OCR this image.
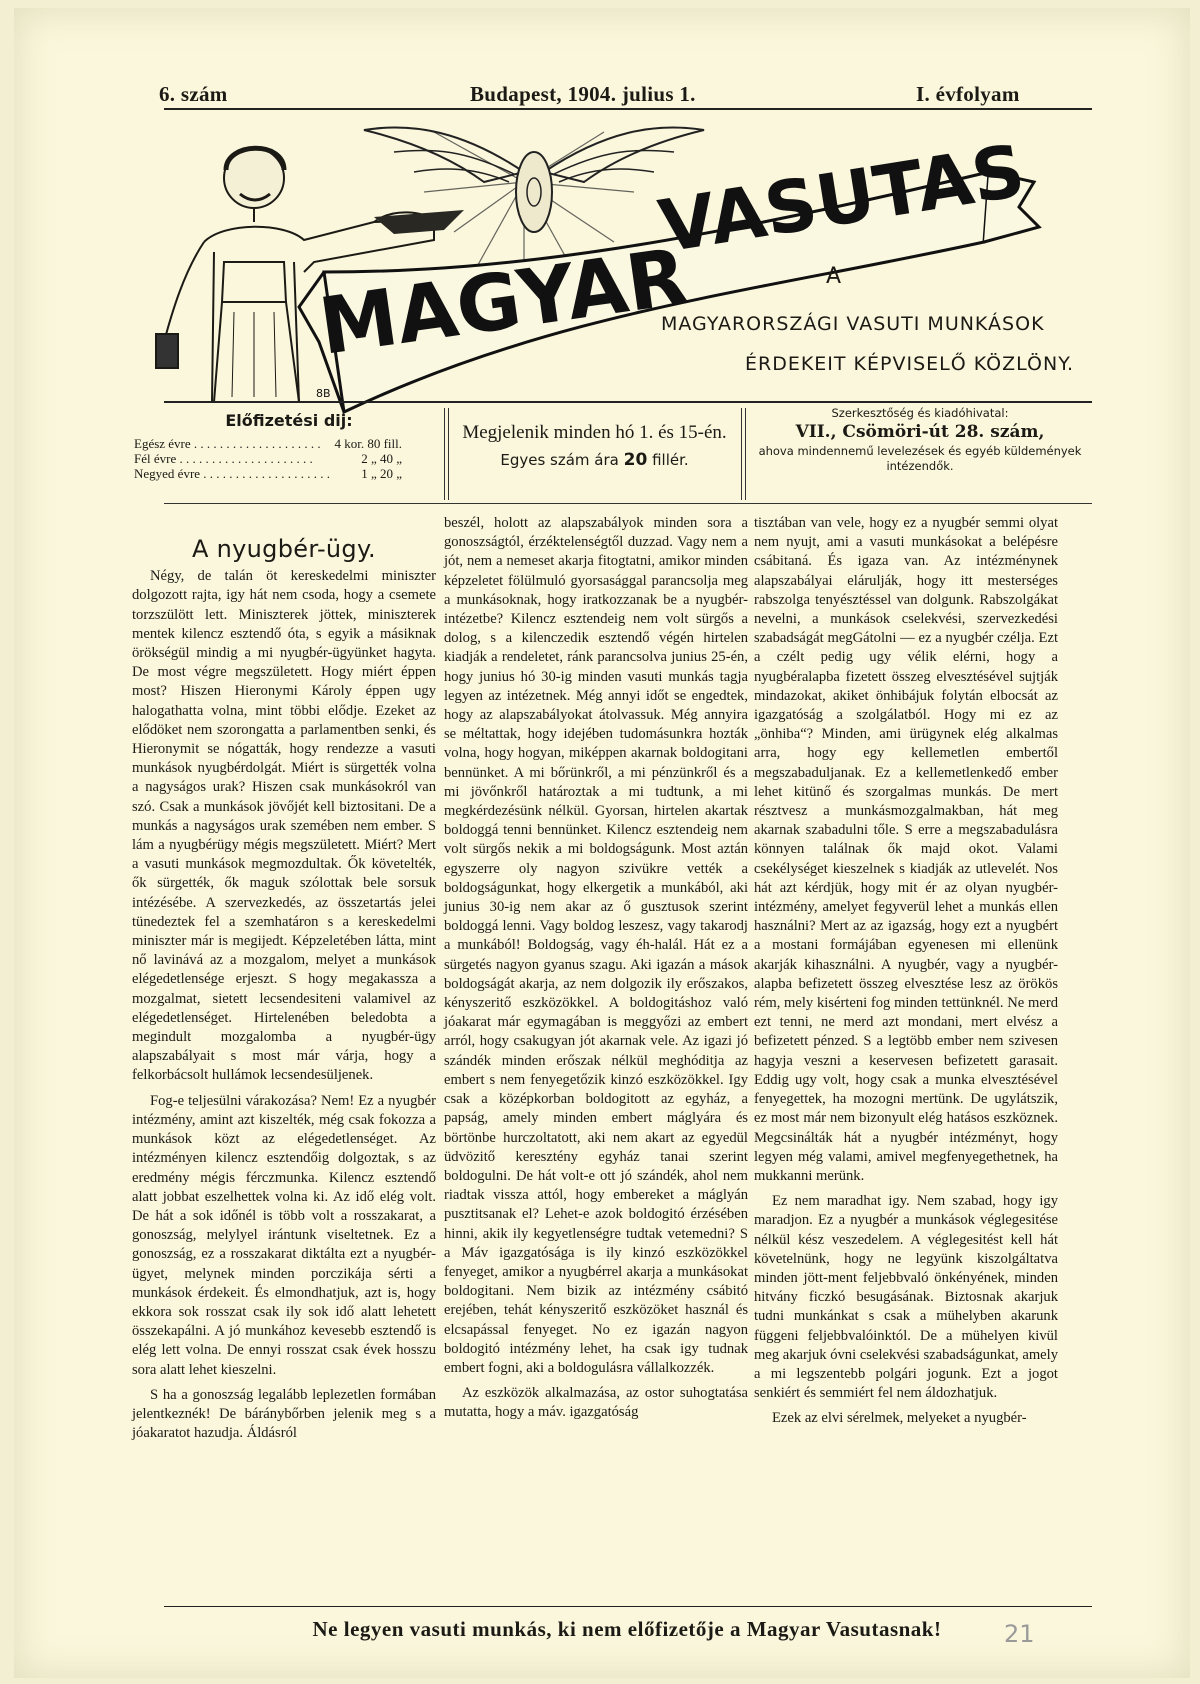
6. szám	Budapest, 1904. julius 1.	I. évfolyam
MAGYAR
VASUTAS
8B
A
MAGYARORSZÁGI VASUTI MUNKÁSOK
ÉRDEKEIT KÉPVISELŐ KÖZLÖNY.
Előfizetési dij:
Egész évre . . . . . . . . . . . . . . . . . . . .	4 kor. 80 fill.
Fél évre . . . . . . . . . . . . . . . . . . . . .	2 „ 40 „
Negyed évre . . . . . . . . . . . . . . . . . . . .	1 „ 20 „
Megjelenik minden hó 1. és 15-én.
Egyes szám ára 20 fillér.
Szerkesztőség és kiadóhivatal:
VII., Csömöri-út 28. szám,
ahova mindennemű levelezések és egyéb küldemények intézendők.
A nyugbér-ügy.

Négy, de talán öt kereskedelmi miniszter dolgozott rajta, igy hát nem csoda, hogy a csemete torzszülött lett. Miniszterek jöttek, miniszterek mentek kilencz esztendő óta, s egyik a másiknak örökségül mindig a mi nyugbér-ügyünket hagyta. De most végre megszületett. Hogy miért éppen most? Hiszen Hieronymi Károly éppen ugy halogathatta volna, mint többi elődje. Ezeket az elődöket nem szorongatta a parlamentben senki, és Hieronymit se nógatták, hogy rendezze a vasuti munkások nyugbérdolgát. Miért is sürgették volna a nagyságos urak? Hiszen csak munkásokról van szó. Csak a munkások jövőjét kell biztositani. De a munkás a nagyságos urak szemében nem ember. S lám a nyugbérügy mégis megszületett. Miért? Mert a vasuti munkások megmozdultak. Ők követelték, ők sürgették, ők maguk szólottak bele sorsuk intézésébe. A szervezkedés, az összetartás jelei tünedeztek fel a szemhatáron s a kereskedelmi miniszter már is megijedt. Képzeletében látta, mint nő lavinává az a mozgalom, melyet a munkások elégedetlensége erjeszt. S hogy megakassza a mozgalmat, sietett lecsendesiteni valamivel az elégedetlenséget. Hirtelenében beledobta a megindult mozgalomba a nyugbér-ügy alapszabályait s most már várja, hogy a felkorbácsolt hullámok lecsendesüljenek.

Fog-e teljesülni várakozása? Nem! Ez a nyugbér intézmény, amint azt kiszelték, még csak fokozza a munkások közt az elégedetlenséget. Az intézményen kilencz esztendőig dolgoztak, s az eredmény mégis férczmunka. Kilencz esztendő alatt jobbat eszelhettek volna ki. Az idő elég volt. De hát a sok időnél is több volt a rosszakarat, a gonoszság, melylyel irántunk viseltetnek. Ez a gonoszság, ez a rosszakarat diktálta ezt a nyugbér-ügyet, melynek minden porczikája sérti a munkások érdekeit. És elmondhatjuk, azt is, hogy ekkora sok rosszat csak ily sok idő alatt lehetett összekapálni. A jó munkához kevesebb esztendő is elég lett volna. De ennyi rosszat csak évek hosszu sora alatt lehet kieszelni.

S ha a gonoszság legalább leplezetlen formában jelentkeznék! De báránybőrben jelenik meg s a jóakaratot hazudja. Áldásról

beszél, holott az alapszabályok minden sora a gonoszságtól, érzéktelenségtől duzzad. Vagy nem a jót, nem a nemeset akarja fitogtatni, amikor minden képzeletet fölülmuló gyorsasággal parancsolja meg a munkásoknak, hogy iratkozzanak be a nyugbér-intézetbe? Kilencz esztendeig nem volt sürgős a dolog, s a kilenczedik esztendő végén hirtelen kiadják a rendeletet, ránk parancsolva junius 25-én, hogy junius hó 30-ig minden vasuti munkás tagja legyen az intézetnek. Még annyi időt se engedtek, hogy az alapszabályokat átolvassuk. Még annyira se méltattak, hogy idejében tudomásunkra hozták volna, hogy hogyan, miképpen akarnak boldogitani bennünket. A mi bőrünkről, a mi pénzünkről és a mi jövőnkről határoztak a mi tudtunk, a mi megkérdezésünk nélkül. Gyorsan, hirtelen akartak boldoggá tenni bennünket. Kilencz esztendeig nem volt sürgős nekik a mi boldogságunk. Most aztán egyszerre oly nagyon szivükre vették a boldogságunkat, hogy elkergetik a munkából, aki junius 30-ig nem akar az ő gusztusok szerint boldoggá lenni. Vagy boldog leszesz, vagy takarodj a munkából! Boldogság, vagy éh-halál. Hát ez a sürgetés nagyon gyanus szagu. Aki igazán a mások boldogságát akarja, az nem dolgozik ily erőszakos, kényszeritő eszközökkel. A boldogitáshoz való jóakarat már egymagában is meggyőzi az embert arról, hogy csakugyan jót akarnak vele. Az igazi jó szándék minden erőszak nélkül meghóditja az embert s nem fenyegetőzik kinzó eszközökkel. Igy csak a középkorban boldogitott az egyház, a papság, amely minden embert máglyára és börtönbe hurczoltatott, aki nem akart az egyedül üdvözitő keresztény egyház tanai szerint boldogulni. De hát volt-e ott jó szándék, ahol nem riadtak vissza attól, hogy embereket a máglyán pusztitsanak el? Lehet-e azok boldogitó érzésében hinni, akik ily kegyetlenségre tudtak vetemedni? S a Máv igazgatósága is ily kinzó eszközökkel fenyeget, amikor a nyugbérrel akarja a munkásokat boldogitani. Nem bizik az intézmény csábitó erejében, tehát kényszeritő eszközöket használ és elcsapással fenyeget. No ez igazán nagyon boldogitó intézmény lehet, ha csak igy tudnak embert fogni, aki a boldogulásra vállalkozzék.

Az eszközök alkalmazása, az ostor suhogtatása mutatta, hogy a máv. igazgatóság

tisztában van vele, hogy ez a nyugbér semmi olyat nem nyujt, ami a vasuti munkásokat a belépésre csábitaná. És igaza van. Az intézménynek alapszabályai elárulják, hogy itt mesterséges rabszolga tenyésztéssel van dolgunk. Rabszolgákat nevelni, a munkások cselekvési, szervezkedési szabadságát megGátolni — ez a nyugbér czélja. Ezt a czélt pedig ugy vélik elérni, hogy a nyugbéralapba fizetett összeg elvesztésével sujtják mindazokat, akiket önhibájuk folytán elbocsát az igazgatóság a szolgálatból. Hogy mi ez az „önhiba“? Minden, ami ürügynek elég alkalmas arra, hogy egy kellemetlen embertől megszabaduljanak. Ez a kellemetlenkedő ember lehet kitünő és szorgalmas munkás. De mert résztvesz a munkásmozgalmakban, hát meg akarnak szabadulni tőle. S erre a megszabadulásra könnyen találnak ők majd okot. Valami csekélységet kieszelnek s kiadják az utlevelét. Nos hát azt kérdjük, hogy mit ér az olyan nyugbér-intézmény, amelyet fegyverül lehet a munkás ellen használni? Mert az az igazság, hogy ezt a nyugbért a mostani formájában egyenesen mi ellenünk akarják kihasználni. A nyugbér, vagy a nyugbér-alapba befizetett összeg elvesztése lesz az örökös rém, mely kisérteni fog minden tettünknél. Ne merd ezt tenni, ne merd azt mondani, mert elvész a befizetett pénzed. S a legtöbb ember nem szivesen hagyja veszni a keservesen befizetett garasait. Eddig ugy volt, hogy csak a munka elvesztésével fenyegettek, ha mozogni mertünk. De ugylátszik, ez most már nem bizonyult elég hatásos eszköznek. Megcsinálták hát a nyugbér intézményt, hogy legyen még valami, amivel megfenyegethetnek, ha mukkanni merünk.

Ez nem maradhat igy. Nem szabad, hogy igy maradjon. Ez a nyugbér a munkások véglegesitése nélkül kész veszedelem. A véglegesitést kell hát követelnünk, hogy ne legyünk kiszolgáltatva minden jött-ment feljebbvaló önkényének, minden hitvány ficzkó besugásának. Biztosnak akarjuk tudni munkánkat s csak a mühelyben akarunk függeni feljebbvalóinktól. De a mühelyen kivül meg akarjuk óvni cselekvési szabadságunkat, amely a mi legszentebb polgári jogunk. Ezt a jogot senkiért és semmiért fel nem áldozhatjuk.

Ezek az elvi sérelmek, melyeket a nyugbér-

Ne legyen vasuti munkás, ki nem előfizetője a Magyar Vasutasnak!	21
